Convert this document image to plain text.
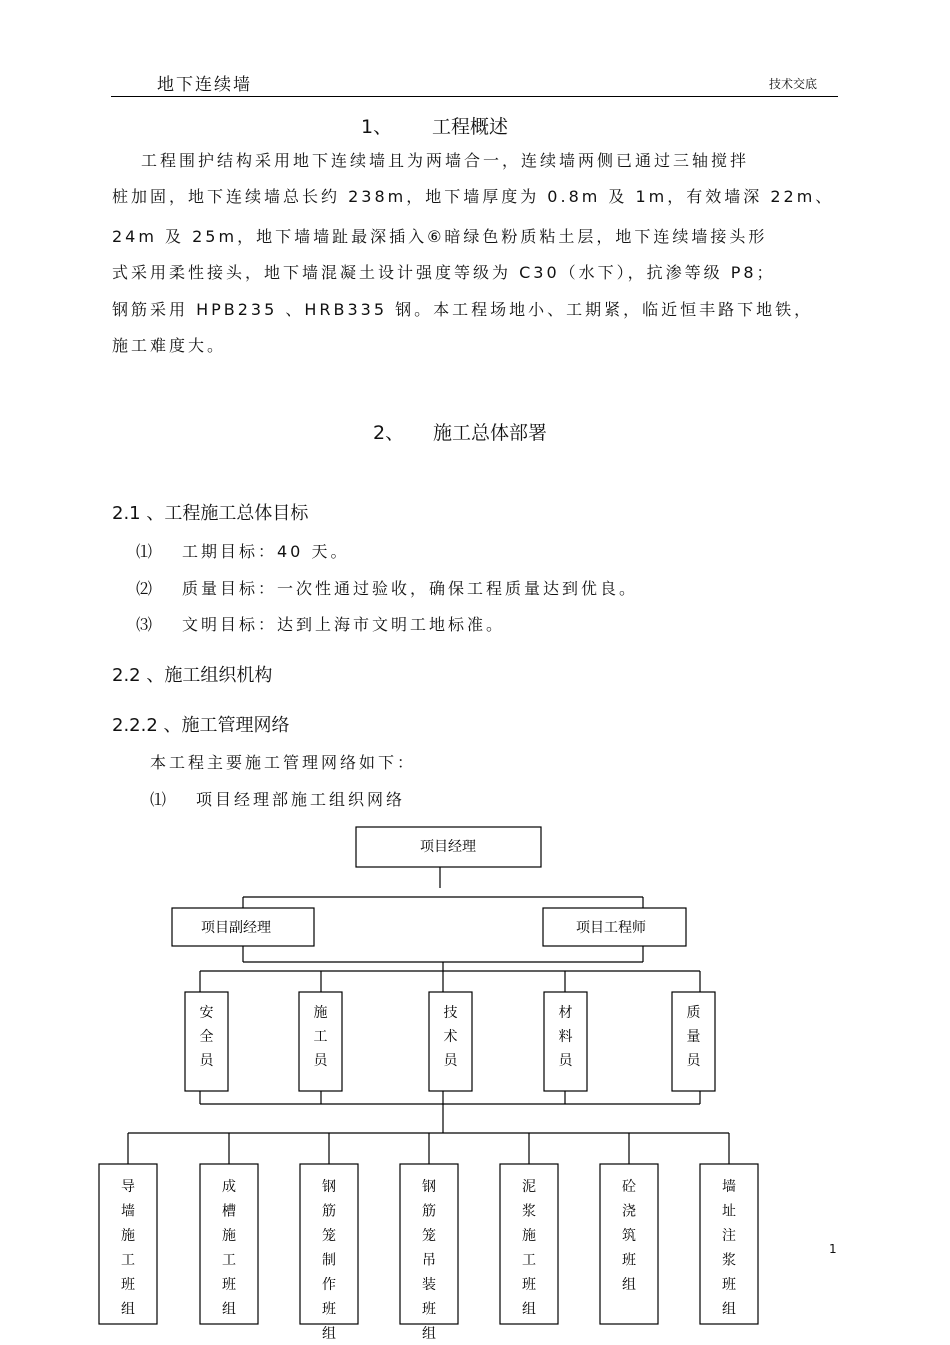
地下连续墙	技术交底
1、 工程概述
工程围护结构采用地下连续墙且为两墙合一，连续墙两侧已通过三轴搅拌
桩加固，地下连续墙总长约 238m，地下墙厚度为 0.8m 及 1m，有效墙深 22m、
24m 及 25m，地下墙墙趾最深插入⑥暗绿色粉质粘土层，地下连续墙接头形
式采用柔性接头，地下墙混凝土设计强度等级为 C30（水下），抗渗等级 P8；
钢筋采用 HPB235 、HRB335 钢。本工程场地小、工期紧，临近恒丰路下地铁，
施工难度大。
2、 施工总体部署
2.1 、工程施工总体目标
⑴ 工期目标：40 天。
⑵ 质量目标：一次性通过验收，确保工程质量达到优良。
⑶ 文明目标：达到上海市文明工地标准。
2.2 、施工组织机构
2.2.2 、施工管理网络
本工程主要施工管理网络如下：
⑴ 项目经理部施工组织网络
项目经理
项目副经理	项目工程师
安全员
施工员
技术员
材料员
质量员
导墙施工班组
成槽施工班组
钢筋笼制作班组
钢筋笼吊装班组
泥浆施工班组
砼浇筑班组
墙址注浆班组
1
